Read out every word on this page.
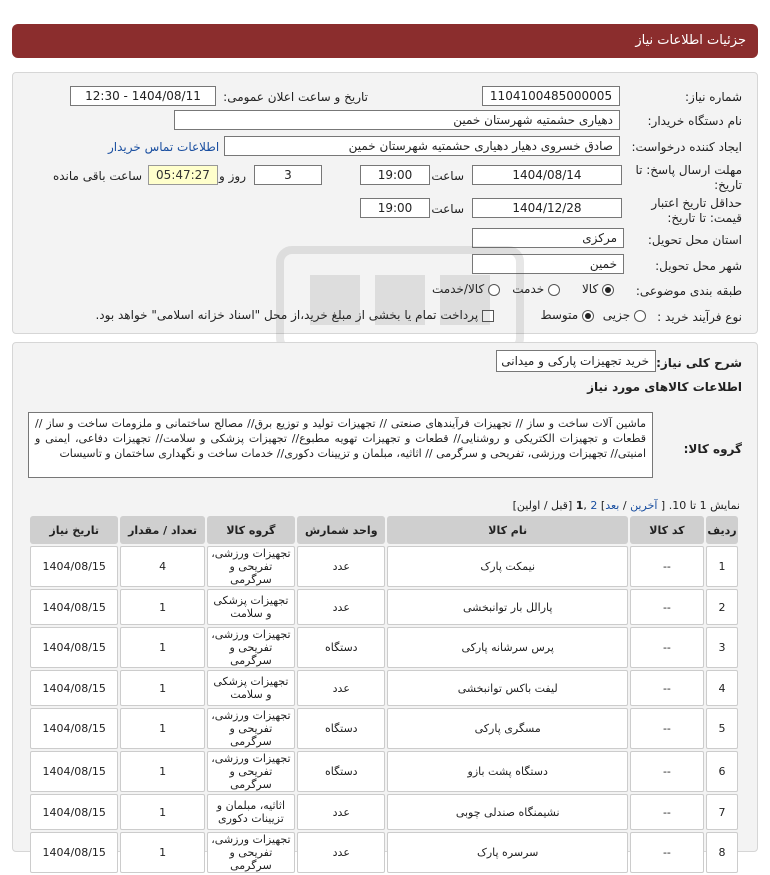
جزئیات اطلاعات نیاز
شماره نیاز:
1104100485000005
تاریخ و ساعت اعلان عمومی:
1404/08/11 - 12:30
نام دستگاه خریدار:
دهیاری حشمتیه شهرستان خمین
ایجاد کننده درخواست:
صادق خسروی دهیار دهیاری حشمتیه شهرستان خمین
اطلاعات تماس خریدار
مهلت ارسال پاسخ: تا
تاریخ:
1404/08/14
ساعت
19:00
3
روز و
05:47:27
ساعت باقی مانده
حداقل تاریخ اعتبار
قیمت: تا تاریخ:
1404/12/28
ساعت
19:00
استان محل تحویل:
مرکزی
شهر محل تحویل:
خمین
طبقه بندی موضوعی:
کالا
خدمت
کالا/خدمت
نوع فرآیند خرید :
جزیی
متوسط
پرداخت تمام یا بخشی از مبلغ خرید،از محل "اسناد خزانه اسلامی" خواهد بود.
شرح کلی نیاز:
خرید تجهیزات پارکی و میدانی
اطلاعات کالاهای مورد نیاز
گروه کالا:
ماشین آلات ساخت و ساز // تجهیزات فرآیندهای صنعتی // تجهیزات تولید و توزیع برق// مصالح ساختمانی و ملزومات ساخت و ساز // قطعات و تجهیزات الکتریکی و روشنایی// قطعات و تجهیزات تهویه مطبوع// تجهیزات پزشکی و سلامت// تجهیزات دفاعی، ایمنی و امنیتی// تجهیزات ورزشی، تفریحی و سرگرمی // اثاثیه، مبلمان و تزیینات دکوری// خدمات ساخت و نگهداری ساختمان و تاسیسات
نمایش 1 تا 10. [ آخرین / بعد] 2 ,1 [قبل / اولین]
ردیف	کد کالا	نام کالا	واحد شمارش	گروه کالا	تعداد / مقدار	تاریخ نیاز
1	--	نیمکت پارک	عدد	تجهیزات ورزشی، تفریحی و سرگرمی	4	1404/08/15
2	--	پارالل بار توانبخشی	عدد	تجهیزات پزشکی و سلامت	1	1404/08/15
3	--	پرس سرشانه پارکی	دستگاه	تجهیزات ورزشی، تفریحی و سرگرمی	1	1404/08/15
4	--	لیفت باکس توانبخشی	عدد	تجهیزات پزشکی و سلامت	1	1404/08/15
5	--	مسگری پارکی	دستگاه	تجهیزات ورزشی، تفریحی و سرگرمی	1	1404/08/15
6	--	دستگاه پشت بازو	دستگاه	تجهیزات ورزشی، تفریحی و سرگرمی	1	1404/08/15
7	--	نشیمنگاه صندلی چوبی	عدد	اثاثیه، مبلمان و تزیینات دکوری	1	1404/08/15
8	--	سرسره پارک	عدد	تجهیزات ورزشی، تفریحی و سرگرمی	1	1404/08/15
